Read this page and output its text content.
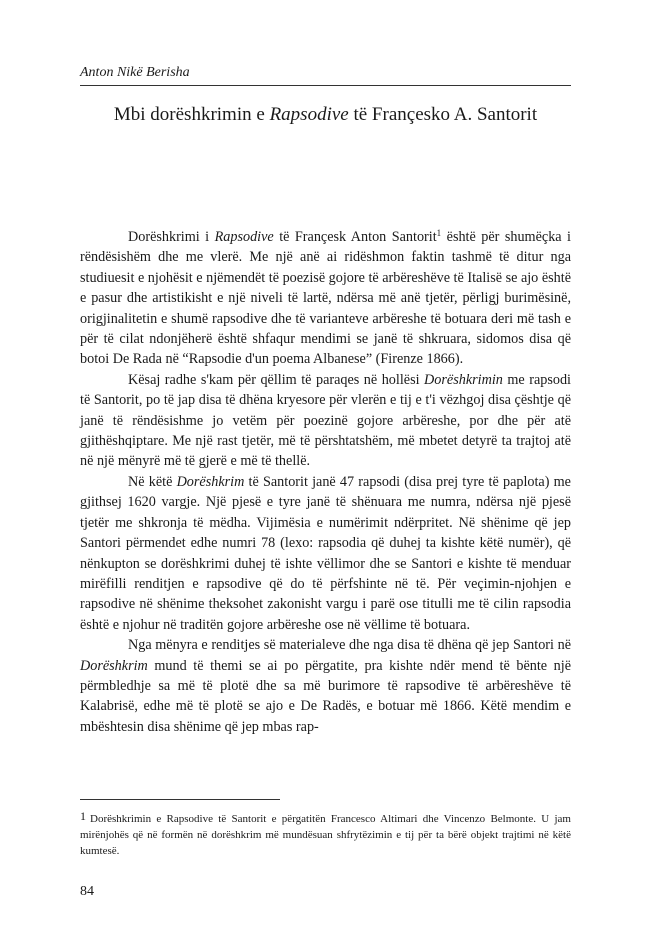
Anton Nikë Berisha
Mbi dorëshkrimin e Rapsodive të Françesko A. Santorit

Dorëshkrimi i Rapsodive të Françesk Anton Santorit$^1$ është për shumëçka i rëndësishëm dhe me vlerë. Me një anë ai ridëshmon faktin tashmë të ditur nga studiuesit e njohësit e njëmendët të poezisë gojore të arbëreshëve të Italisë se ajo është e pasur dhe artistikisht e një niveli të lartë, ndërsa më anë tjetër, përligj burimësinë, origjinalitetin e shumë rapsodive dhe të varianteve arbëreshe të botuara deri më tash e për të cilat ndonjëherë është shfaqur mendimi se janë të shkruara, sidomos disa që botoi De Rada në “Rapsodie d'un poema Albanese” (Firenze 1866).

Kësaj radhe s'kam për qëllim të paraqes në hollësi Dorëshkrimin me rapsodi të Santorit, po të jap disa të dhëna kryesore për vlerën e tij e t'i vëzhgoj disa çështje që janë të rëndësishme jo vetëm për poezinë gojore arbëreshe, por dhe për atë gjithëshqiptare. Me një rast tjetër, më të përshtatshëm, më mbetet detyrë ta trajtoj atë në një mënyrë më të gjerë e më të thellë.

Në këtë Dorëshkrim të Santorit janë 47 rapsodi (disa prej tyre të paplota) me gjithsej 1620 vargje. Një pjesë e tyre janë të shënuara me numra, ndërsa një pjesë tjetër me shkronja të mëdha. Vijimësia e numërimit ndërpritet. Në shënime që jep Santori përmendet edhe numri 78 (lexo: rapsodia që duhej ta kishte këtë numër), që nënkupton se dorëshkrimi duhej të ishte vëllimor dhe se Santori e kishte të menduar mirëfilli renditjen e rapsodive që do të përfshinte në të. Për veçimin-njohjen e rapsodive në shënime theksohet zakonisht vargu i parë ose titulli me të cilin rapsodia është e njohur në traditën gojore arbëreshe ose në vëllime të botuara.

Nga mënyra e renditjes së materialeve dhe nga disa të dhëna që jep Santori në Dorëshkrim mund të themi se ai po përgatite, pra kishte ndër mend të bënte një përmbledhje sa më të plotë dhe sa më burimore të rapsodive të arbëreshëve të Kalabrisë, edhe më të plotë se ajo e De Radës, e botuar më 1866. Këtë mendim e mbështesin disa shënime që jep mbas rap-

1 Dorëshkrimin e Rapsodive të Santorit e përgatitën Francesco Altimari dhe Vincenzo Belmonte. U jam mirënjohës që në formën në dorëshkrim më mundësuan shfrytëzimin e tij për ta bërë objekt trajtimi në këtë kumtesë.
84
